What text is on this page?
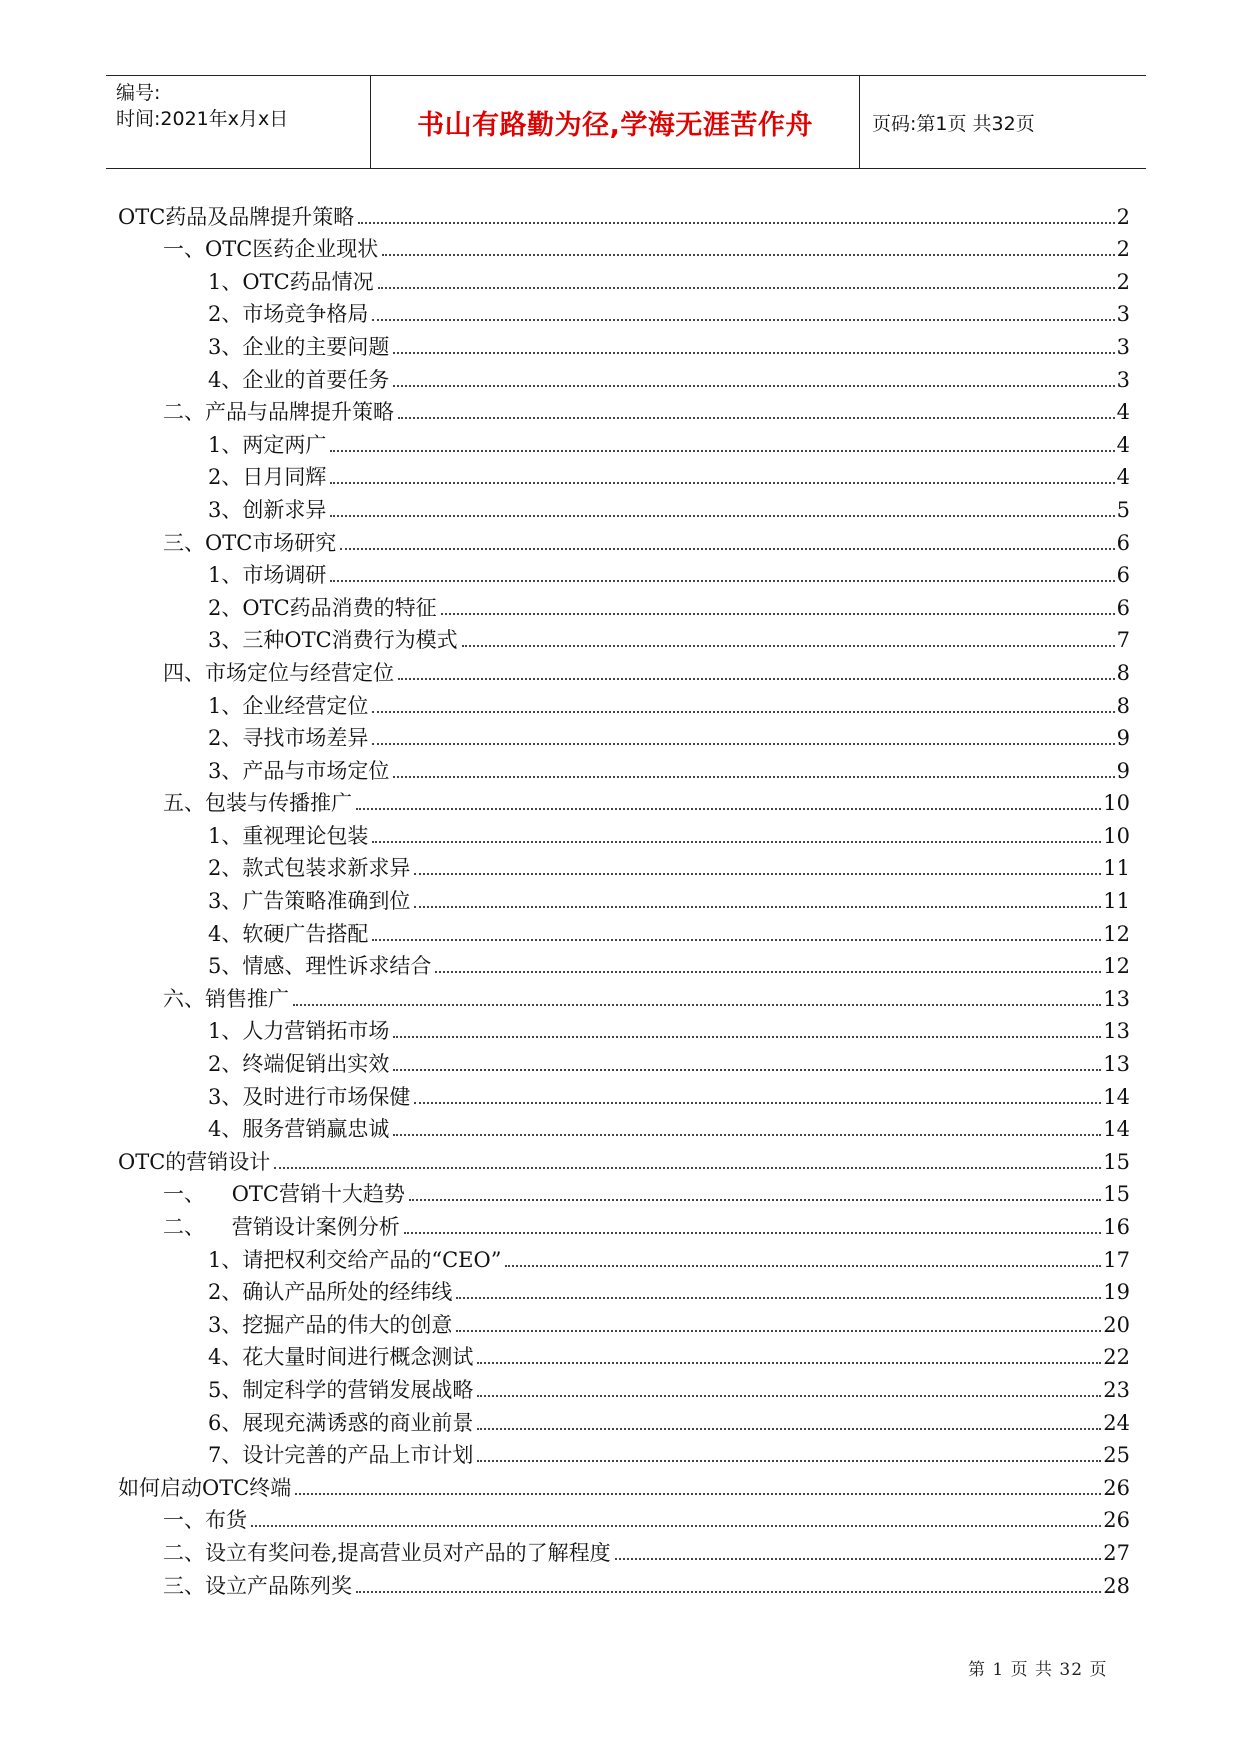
编号:
时间:2021年x月x日	书山有路勤为径,学海无涯苦作舟	页码:第1页 共32页
OTC药品及品牌提升策略	2
一、OTC医药企业现状	2
1、OTC药品情况	2
2、市场竞争格局	3
3、企业的主要问题	3
4、企业的首要任务	3
二、产品与品牌提升策略	4
1、两定两广	4
2、日月同辉	4
3、创新求异	5
三、OTC市场研究	6
1、市场调研	6
2、OTC药品消费的特征	6
3、三种OTC消费行为模式	7
四、市场定位与经营定位	8
1、企业经营定位	8
2、寻找市场差异	9
3、产品与市场定位	9
五、包装与传播推广	10
1、重视理论包装	10
2、款式包装求新求异	11
3、广告策略准确到位	11
4、软硬广告搭配	12
5、情感、理性诉求结合	12
六、销售推广	13
1、人力营销拓市场	13
2、终端促销出实效	13
3、及时进行市场保健	14
4、服务营销赢忠诚	14
OTC的营销设计	15
一、    OTC营销十大趋势	15
二、    营销设计案例分析	16
1、请把权利交给产品的“CEO”	17
2、确认产品所处的经纬线	19
3、挖掘产品的伟大的创意	20
4、花大量时间进行概念测试	22
5、制定科学的营销发展战略	23
6、展现充满诱惑的商业前景	24
7、设计完善的产品上市计划	25
如何启动OTC终端	26
一、布货	26
二、设立有奖问卷,提高营业员对产品的了解程度	27
三、设立产品陈列奖	28
第 1 页 共 32 页
